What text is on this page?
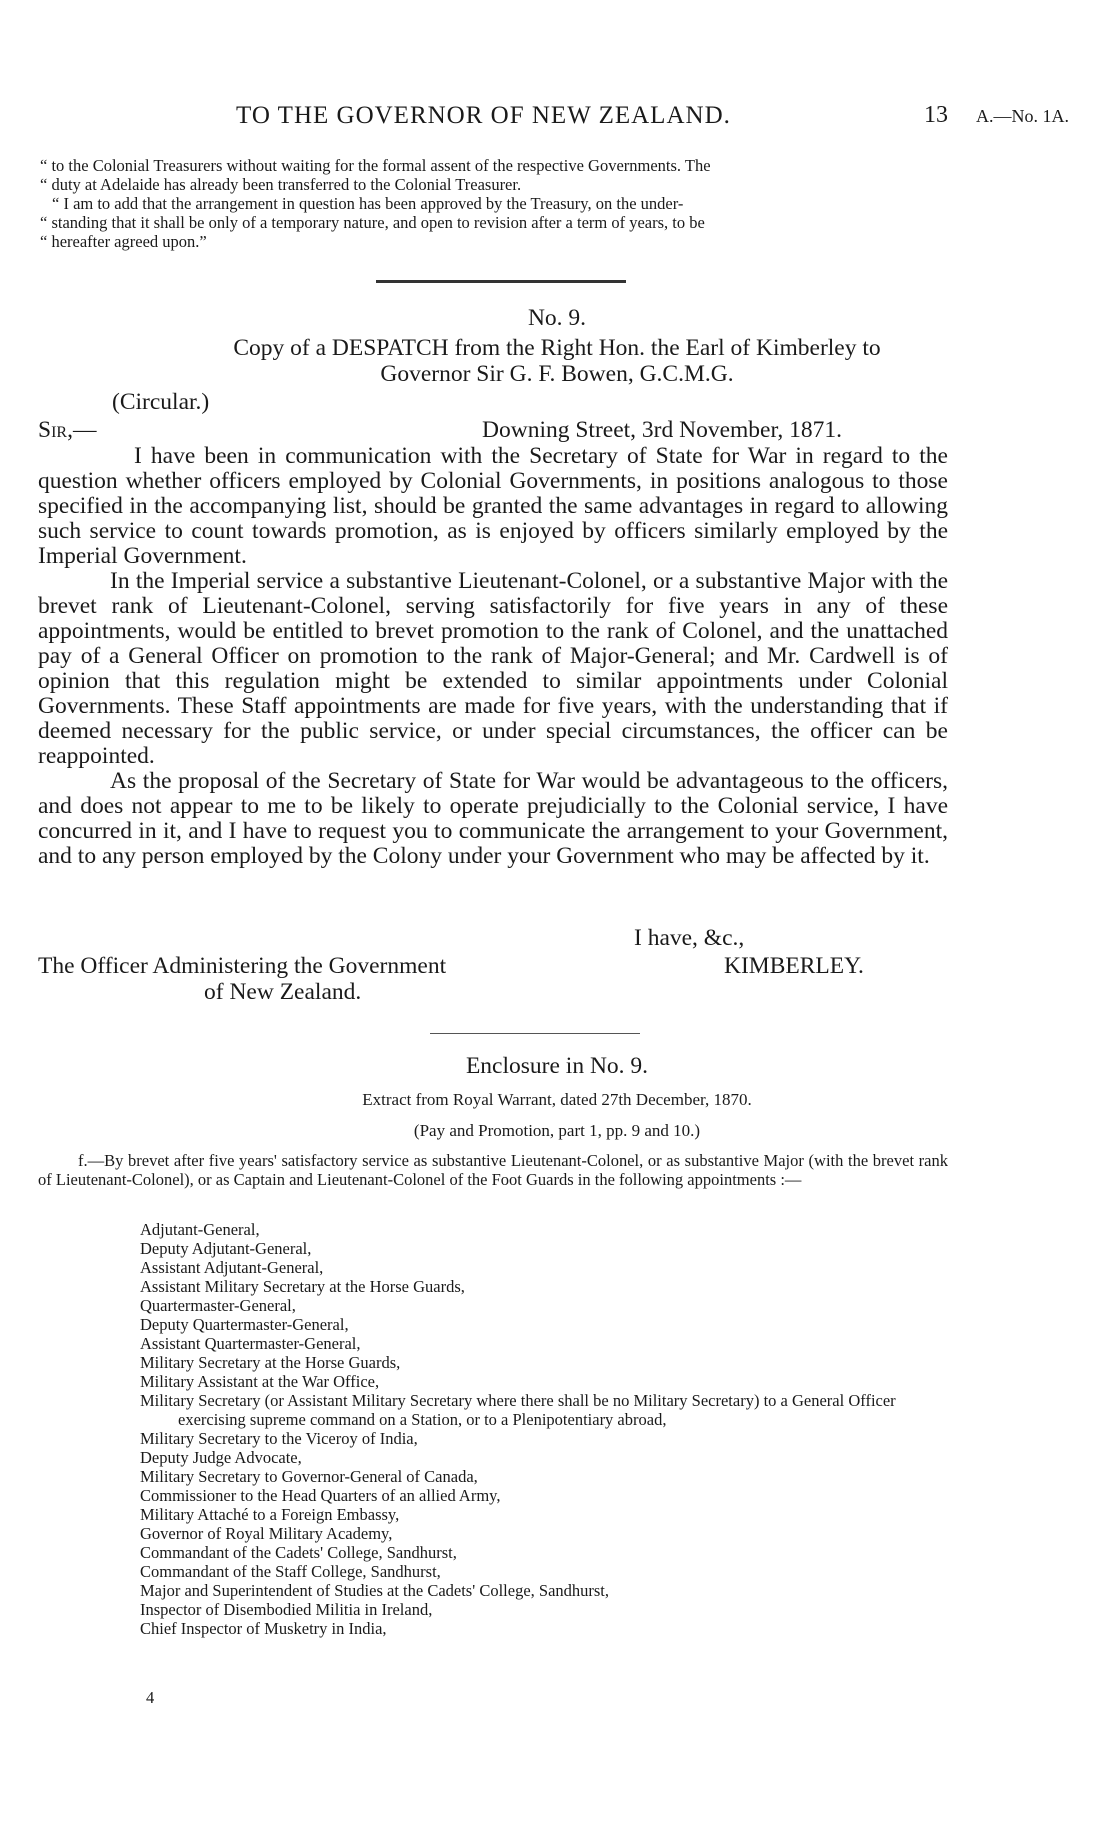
TO THE GOVERNOR OF NEW ZEALAND.	13 A.—No. 1A.

“ to the Colonial Treasurers without waiting for the formal assent of the respective Governments. The

“ duty at Adelaide has already been transferred to the Colonial Treasurer.

“ I am to add that the arrangement in question has been approved by the Treasury, on the under-

“ standing that it shall be only of a temporary nature, and open to revision after a term of years, to be

“ hereafter agreed upon.”

No. 9.
Copy of a DESPATCH from the Right Hon. the Earl of Kimberley to
Governor Sir G. F. Bowen, G.C.M.G.
(Circular.)
Sir,—	Downing Street, 3rd November, 1871.

I have been in communication with the Secretary of State for War in regard to the question whether officers employed by Colonial Governments, in positions analogous to those specified in the accompanying list, should be granted the same advantages in regard to allowing such service to count towards promotion, as is enjoyed by officers similarly employed by the Imperial Government.

In the Imperial service a substantive Lieutenant-Colonel, or a substantive Major with the brevet rank of Lieutenant-Colonel, serving satisfactorily for five years in any of these appointments, would be entitled to brevet promotion to the rank of Colonel, and the unattached pay of a General Officer on promotion to the rank of Major-General; and Mr. Cardwell is of opinion that this regulation might be extended to similar appointments under Colonial Governments. These Staff appointments are made for five years, with the understanding that if deemed necessary for the public service, or under special circumstances, the officer can be reappointed.

As the proposal of the Secretary of State for War would be advantageous to the officers, and does not appear to me to be likely to operate prejudicially to the Colonial service, I have concurred in it, and I have to request you to communicate the arrangement to your Government, and to any person employed by the Colony under your Government who may be affected by it.

I have, &c.,
The Officer Administering the Government	KIMBERLEY.
of New Zealand.
Enclosure in No. 9.
Extract from Royal Warrant, dated 27th December, 1870.
(Pay and Promotion, part 1, pp. 9 and 10.)
f.—By brevet after five years' satisfactory service as substantive Lieutenant-Colonel, or as substantive Major (with the brevet rank of Lieutenant-Colonel), or as Captain and Lieutenant-Colonel of the Foot Guards in the following appointments :—
Adjutant-General,
Deputy Adjutant-General,
Assistant Adjutant-General,
Assistant Military Secretary at the Horse Guards,
Quartermaster-General,
Deputy Quartermaster-General,
Assistant Quartermaster-General,
Military Secretary at the Horse Guards,
Military Assistant at the War Office,
Military Secretary (or Assistant Military Secretary where there shall be no Military Secretary) to a General Officer exercising supreme command on a Station, or to a Plenipotentiary abroad,
Military Secretary to the Viceroy of India,
Deputy Judge Advocate,
Military Secretary to Governor-General of Canada,
Commissioner to the Head Quarters of an allied Army,
Military Attaché to a Foreign Embassy,
Governor of Royal Military Academy,
Commandant of the Cadets' College, Sandhurst,
Commandant of the Staff College, Sandhurst,
Major and Superintendent of Studies at the Cadets' College, Sandhurst,
Inspector of Disembodied Militia in Ireland,
Chief Inspector of Musketry in India,
4
